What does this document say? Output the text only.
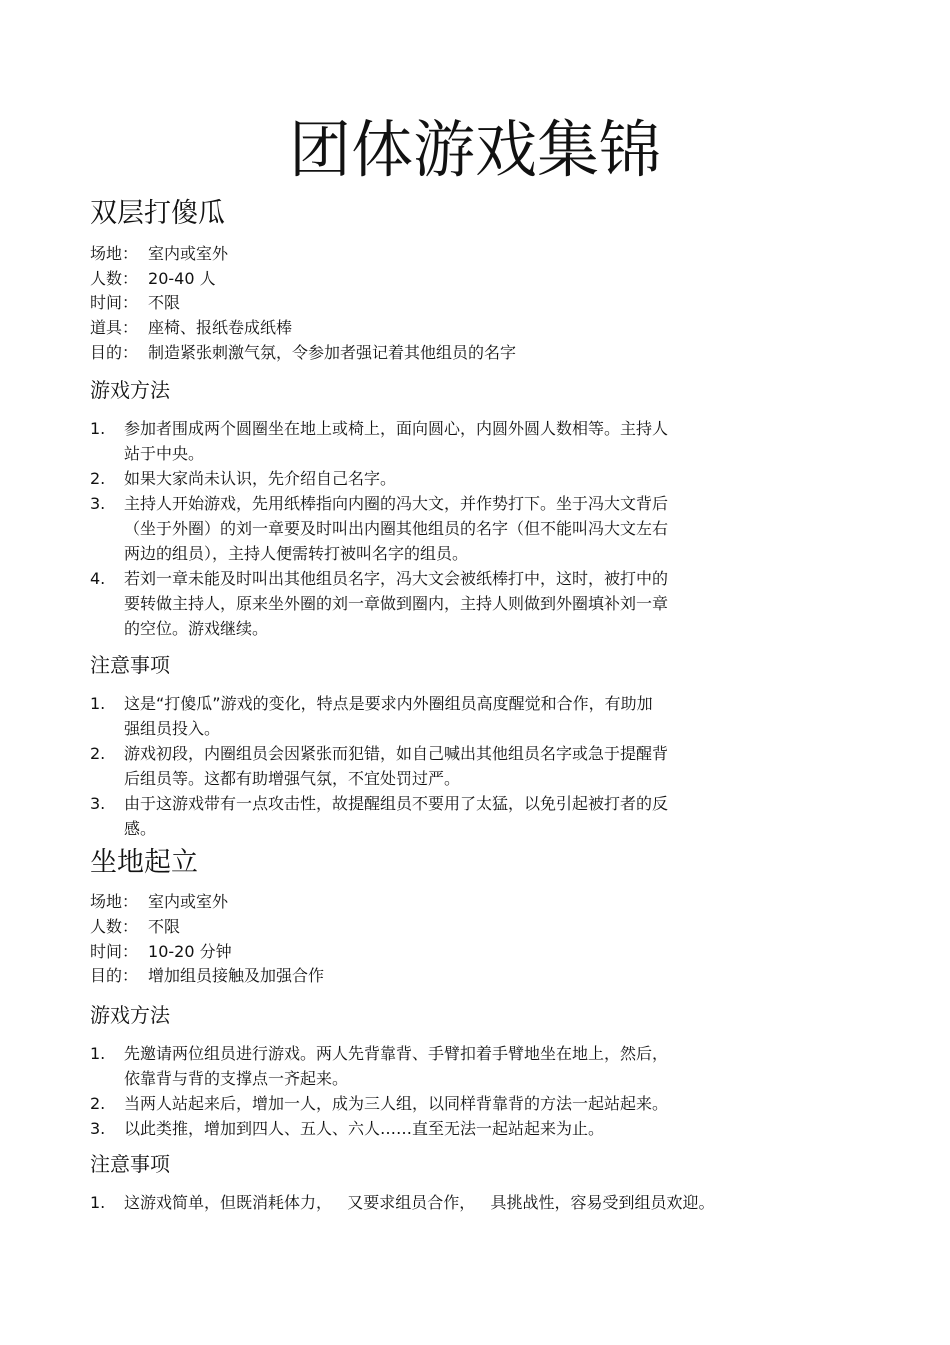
团体游戏集锦
双层打傻瓜
场地： 室内或室外
人数： 20-40 人
时间： 不限
道具： 座椅、报纸卷成纸棒
目的： 制造紧张刺激气氛，令参加者强记着其他组员的名字
游戏方法
1.	参加者围成两个圆圈坐在地上或椅上，面向圆心，内圆外圆人数相等。主持人
站于中央。
2.	如果大家尚未认识，先介绍自己名字。
3.	主持人开始游戏，先用纸棒指向内圈的冯大文，并作势打下。坐于冯大文背后
（坐于外圈）的刘一章要及时叫出内圈其他组员的名字（但不能叫冯大文左右
两边的组员），主持人便需转打被叫名字的组员。
4.	若刘一章未能及时叫出其他组员名字，冯大文会被纸棒打中，这时，被打中的
要转做主持人，原来坐外圈的刘一章做到圈内，主持人则做到外圈填补刘一章
的空位。游戏继续。
注意事项
1.	这是“打傻瓜”游戏的变化，特点是要求内外圈组员高度醒觉和合作，有助加
强组员投入。
2.	游戏初段，内圈组员会因紧张而犯错，如自己喊出其他组员名字或急于提醒背
后组员等。这都有助增强气氛，不宜处罚过严。
3.	由于这游戏带有一点攻击性，故提醒组员不要用了太猛，以免引起被打者的反
感。
坐地起立
场地： 室内或室外
人数： 不限
时间： 10-20 分钟
目的： 增加组员接触及加强合作
游戏方法
1.	先邀请两位组员进行游戏。两人先背靠背、手臂扣着手臂地坐在地上，然后，
依靠背与背的支撑点一齐起来。
2.	当两人站起来后，增加一人，成为三人组，以同样背靠背的方法一起站起来。
3.	以此类推，增加到四人、五人、六人……直至无法一起站起来为止。
注意事项
1.	这游戏简单，但既消耗体力，   又要求组员合作，   具挑战性，容易受到组员欢迎。
